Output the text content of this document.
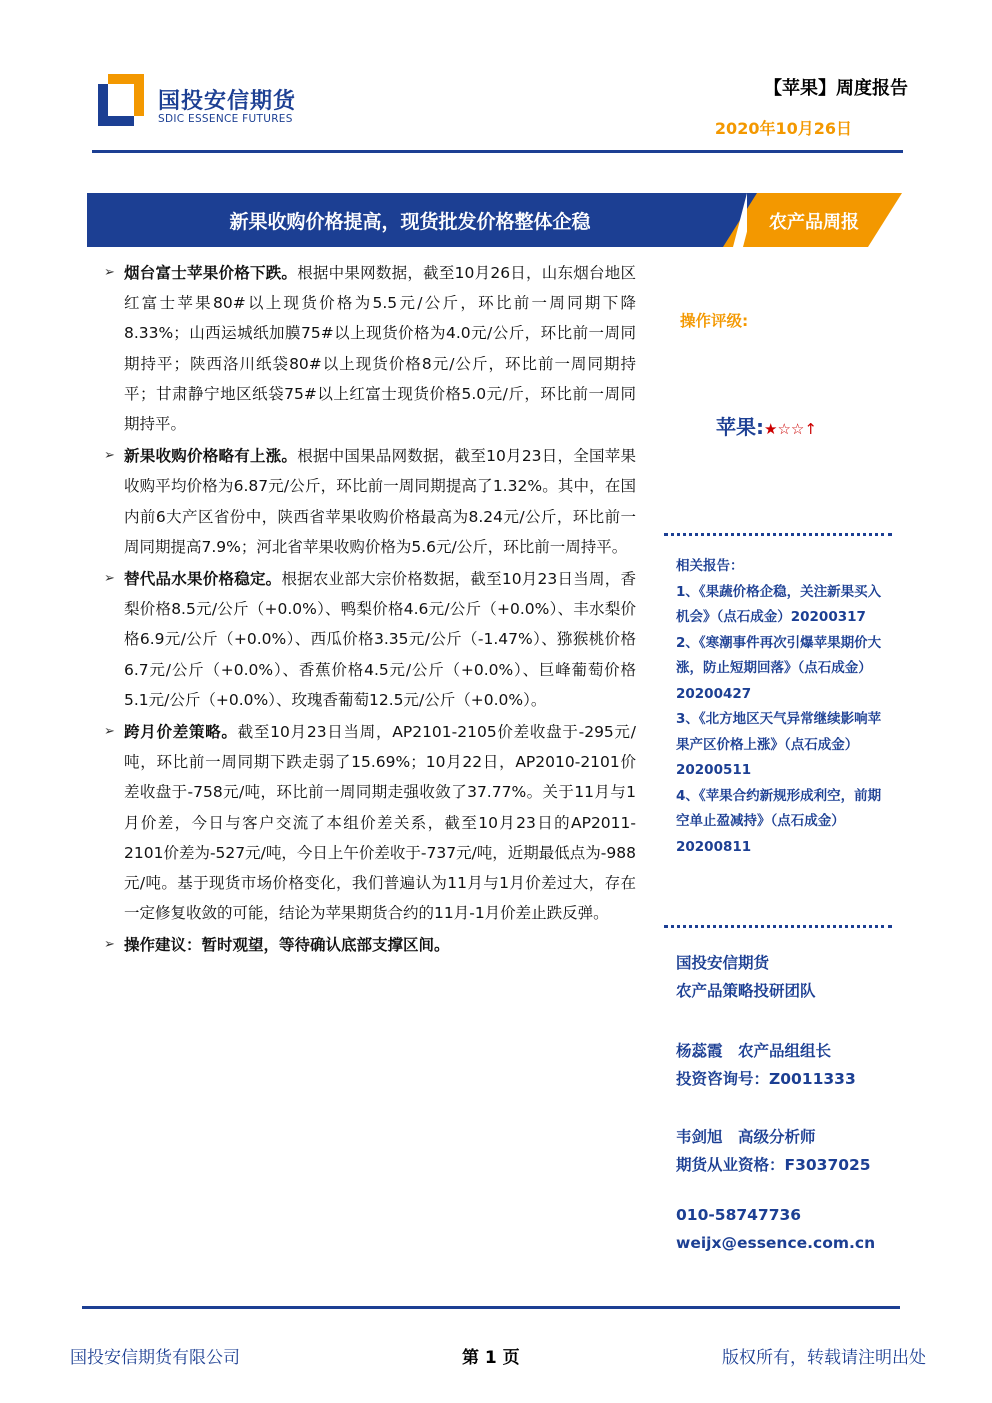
国投安信期货
SDIC ESSENCE FUTURES
【苹果】周度报告
2020年10月26日
新果收购价格提高，现货批发价格整体企稳	农产品周报
➢ 烟台富士苹果价格下跌。根据中果网数据，截至10月26日，山东烟台地区红富士苹果80#以上现货价格为5.5元/公斤，环比前一周同期下降8.33%；山西运城纸加膜75#以上现货价格为4.0元/公斤，环比前一周同期持平；陕西洛川纸袋80#以上现货价格8元/公斤，环比前一周同期持平；甘肃静宁地区纸袋75#以上红富士现货价格5.0元/斤，环比前一周同期持平。
➢ 新果收购价格略有上涨。根据中国果品网数据，截至10月23日，全国苹果收购平均价格为6.87元/公斤，环比前一周同期提高了1.32%。其中，在国内前6大产区省份中，陕西省苹果收购价格最高为8.24元/公斤，环比前一周同期提高7.9%；河北省苹果收购价格为5.6元/公斤，环比前一周持平。
➢ 替代品水果价格稳定。根据农业部大宗价格数据，截至10月23日当周，香梨价格8.5元/公斤（+0.0%）、鸭梨价格4.6元/公斤（+0.0%）、丰水梨价格6.9元/公斤（+0.0%）、西瓜价格3.35元/公斤（-1.47%）、猕猴桃价格6.7元/公斤（+0.0%）、香蕉价格4.5元/公斤（+0.0%）、巨峰葡萄价格5.1元/公斤（+0.0%）、玫瑰香葡萄12.5元/公斤（+0.0%）。
➢ 跨月价差策略。截至10月23日当周，AP2101-2105价差收盘于-295元/吨，环比前一周同期下跌走弱了15.69%；10月22日，AP2010-2101价差收盘于-758元/吨，环比前一周同期走强收敛了37.77%。关于11月与1月价差，今日与客户交流了本组价差关系，截至10月23日的AP2011-2101价差为-527元/吨，今日上午价差收于-737元/吨，近期最低点为-988元/吨。基于现货市场价格变化，我们普遍认为11月与1月价差过大，存在一定修复收敛的可能，结论为苹果期货合约的11月-1月价差止跌反弹。
➢ 操作建议：暂时观望，等待确认底部支撑区间。
操作评级:
苹果:★☆☆↑
相关报告：
1、《果蔬价格企稳，关注新果买入机会》（点石成金）20200317
2、《寒潮事件再次引爆苹果期价大涨，防止短期回落》（点石成金）20200427
3、《北方地区天气异常继续影响苹果产区价格上涨》（点石成金）20200511
4、《苹果合约新规形成利空，前期空单止盈减持》（点石成金）20200811
国投安信期货
农产品策略投研团队
杨蕊霞　农产品组组长
投资咨询号：Z0011333
韦剑旭　高级分析师
期货从业资格：F3037025
010-58747736
weijx@essence.com.cn
国投安信期货有限公司	第 1 页	版权所有，转载请注明出处
